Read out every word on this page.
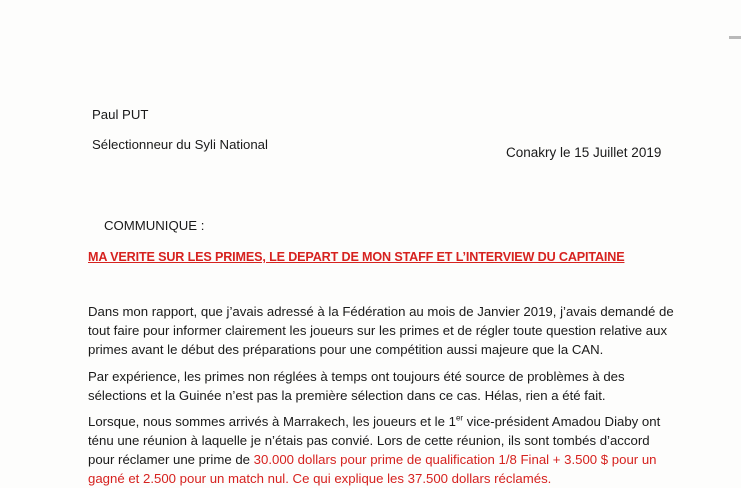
Paul PUT
Sélectionneur du Syli National
Conakry le 15 Juillet 2019
COMMUNIQUE :
MA VERITE SUR LES PRIMES, LE DEPART DE MON STAFF ET L’INTERVIEW DU CAPITAINE
Dans mon rapport, que j’avais adressé à la Fédération au mois de Janvier 2019, j’avais demandé de
tout faire pour informer clairement les joueurs sur les primes et de régler toute question relative aux
primes avant le début des préparations pour une compétition aussi majeure que la CAN.
Par expérience, les primes non réglées à temps ont toujours été source de problèmes à des
sélections et la Guinée n’est pas la première sélection dans ce cas. Hélas, rien a été fait.
Lorsque, nous sommes arrivés à Marrakech, les joueurs et le 1er vice-président Amadou Diaby ont
ténu une réunion à laquelle je n’étais pas convié. Lors de cette réunion, ils sont tombés d’accord
pour réclamer une prime de 30.000 dollars pour prime de qualification 1/8 Final + 3.500 $ pour un
gagné et 2.500 pour un match nul. Ce qui explique les 37.500 dollars réclamés.
